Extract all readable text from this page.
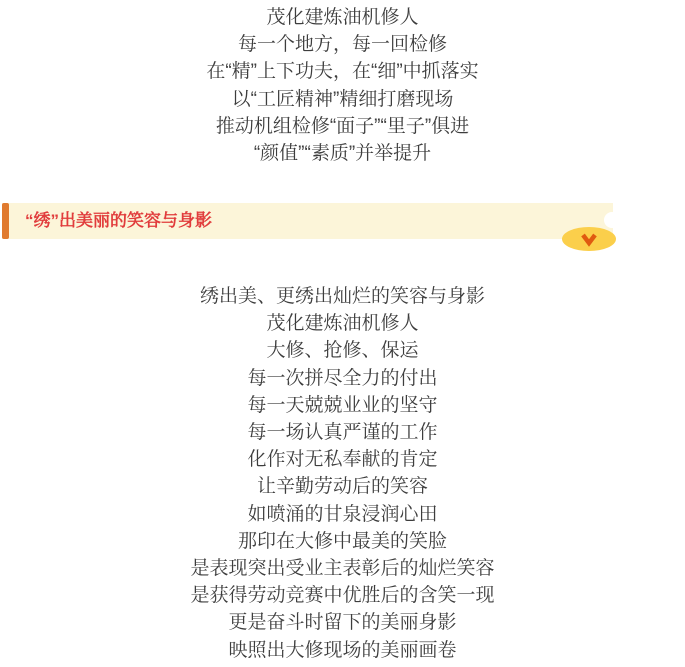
茂化建炼油机修人

每一个地方，每一回检修

在“精”上下功夫，在“细”中抓落实

以“工匠精神”精细打磨现场

推动机组检修“面子”“里子”俱进

“颜值”“素质”并举提升

“绣”出美丽的笑容与身影

绣出美、更绣出灿烂的笑容与身影

茂化建炼油机修人

大修、抢修、保运

每一次拼尽全力的付出

每一天兢兢业业的坚守

每一场认真严谨的工作

化作对无私奉献的肯定

让辛勤劳动后的笑容

如喷涌的甘泉浸润心田

那印在大修中最美的笑脸

是表现突出受业主表彰后的灿烂笑容

是获得劳动竞赛中优胜后的含笑一现

更是奋斗时留下的美丽身影

映照出大修现场的美丽画卷
